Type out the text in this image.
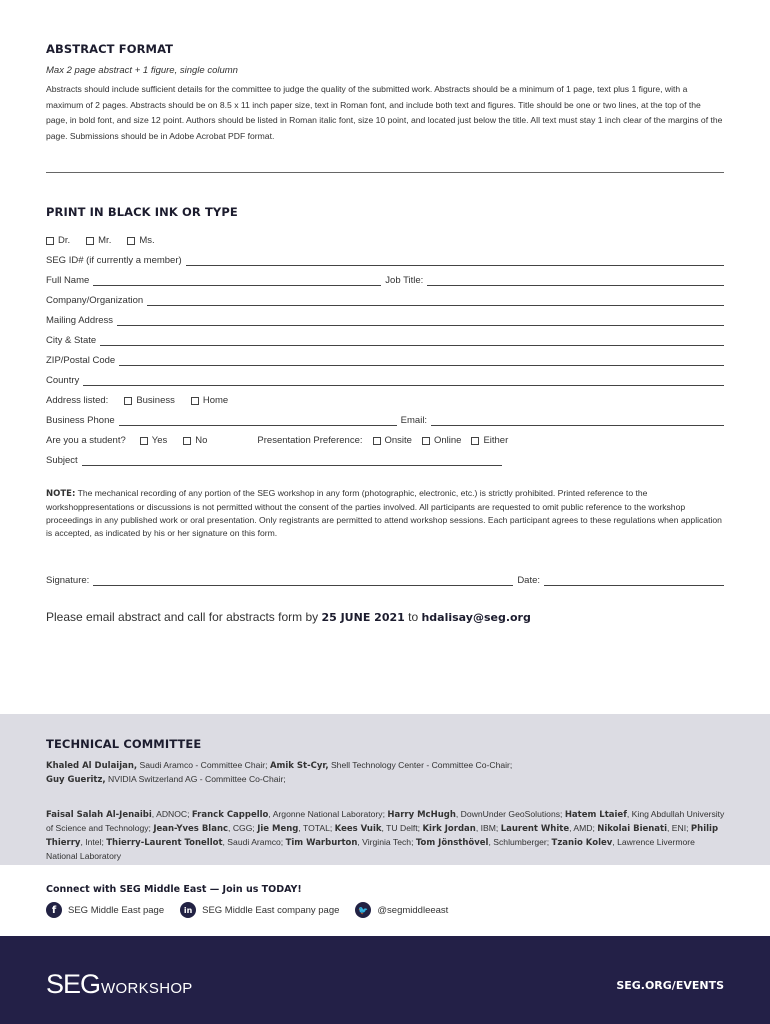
ABSTRACT FORMAT
Max 2 page abstract + 1 figure, single column
Abstracts should include sufficient details for the committee to judge the quality of the submitted work. Abstracts should be a minimum of 1 page, text plus 1 figure, with a maximum of 2 pages. Abstracts should be on 8.5 x 11 inch paper size, text in Roman font, and include both text and figures. Title should be one or two lines, at the top of the page, in bold font, and size 12 point. Authors should be listed in Roman italic font, size 10 point, and located just below the title. All text must stay 1 inch clear of the margins of the page. Submissions should be in Adobe Acrobat PDF format.
PRINT IN BLACK INK OR TYPE
Dr.	Mr.	Ms.
SEG ID# (if currently a member)
Full Name	Job Title:
Company/Organization
Mailing Address
City & State
ZIP/Postal Code
Country
Address listed:	Business	Home
Business Phone	Email:
Are you a student?	Yes	No	Presentation Preference: Onsite Online Either
Subject
NOTE: The mechanical recording of any portion of the SEG workshop in any form (photographic, electronic, etc.) is strictly prohibited. Printed reference to the workshoppresentations or discussions is not permitted without the consent of the parties involved. All participants are requested to omit public reference to the workshop proceedings in any published work or oral presentation. Only registrants are permitted to attend workshop sessions. Each participant agrees to these regulations when application is accepted, as indicated by his or her signature on this form.
Signature:	Date:
Please email abstract and call for abstracts form by 25 JUNE 2021 to hdalisay@seg.org
TECHNICAL COMMITTEE
Khaled Al Dulaijan, Saudi Aramco - Committee Chair; Amik St-Cyr, Shell Technology Center - Committee Co-Chair;
Guy Gueritz, NVIDIA Switzerland AG - Committee Co-Chair;
Faisal Salah Al-Jenaibi, ADNOC; Franck Cappello, Argonne National Laboratory; Harry McHugh, DownUnder GeoSolutions; Hatem Ltaief, King Abdullah University of Science and Technology; Jean-Yves Blanc, CGG; Jie Meng, TOTAL; Kees Vuik, TU Delft; Kirk Jordan, IBM; Laurent White, AMD; Nikolai Bienati, ENI; Philip Thierry, Intel; Thierry-Laurent Tonellot, Saudi Aramco; Tim Warburton, Virginia Tech; Tom Jönsthövel, Schlumberger; Tzanio Kolev, Lawrence Livermore National Laboratory
Connect with SEG Middle East — Join us TODAY!
f	SEG Middle East page	in	SEG Middle East company page	🐦 @segmiddleeast
SEG WORKSHOP	SEG.ORG/EVENTS
